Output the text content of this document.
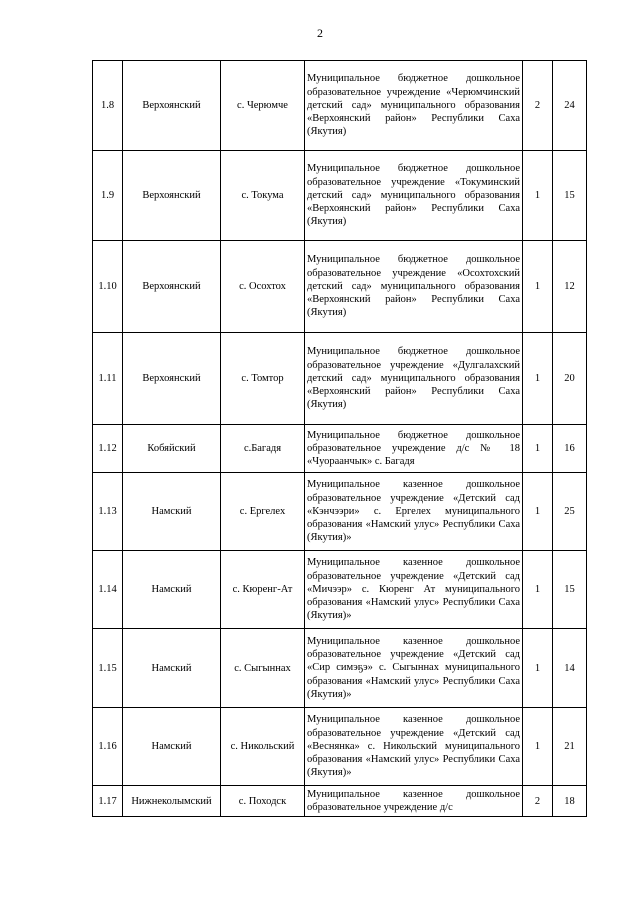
2
1.8	Верхоянский	с. Черюмче	Муниципальное бюджетное дошкольное образовательное учреждение «Черюмчинский детский сад» муниципального образования «Верхоянский район» Республики Саха (Якутия)	2	24
1.9	Верхоянский	с. Токума	Муниципальное бюджетное дошкольное образовательное учреждение «Токуминский детский сад» муниципального образования «Верхоянский район» Республики Саха (Якутия)	1	15
1.10	Верхоянский	с. Осохтох	Муниципальное бюджетное дошкольное образовательное учреждение «Осохтохский детский сад» муниципального образования «Верхоянский район» Республики Саха (Якутия)	1	12
1.11	Верхоянский	с. Томтор	Муниципальное бюджетное дошкольное образовательное учреждение «Дулгалахский детский сад» муниципального образования «Верхоянский район» Республики Саха (Якутия)	1	20
1.12	Кобяйский	с.Багадя	Муниципальное бюджетное дошкольное образовательное учреждение д/с № 18 «Чуораанчык» с. Багадя	1	16
1.13	Намский	с. Ергелех	Муниципальное казенное дошкольное образовательное учреждение «Детский сад «Кэнчээри» с. Ергелех муниципального образования «Намский улус» Республики Саха (Якутия)»	1	25
1.14	Намский	с. Кюренг-Ат	Муниципальное казенное дошкольное образовательное учреждение «Детский сад «Мичээр» с. Кюренг Ат муниципального образования «Намский улус» Республики Саха (Якутия)»	1	15
1.15	Намский	с. Сыгыннах	Муниципальное казенное дошкольное образовательное учреждение «Детский сад «Сир симэҕэ» с. Сыгыннах муниципального образования «Намский улус» Республики Саха (Якутия)»	1	14
1.16	Намский	с. Никольский	Муниципальное казенное дошкольное образовательное учреждение «Детский сад «Веснянка» с. Никольский муниципального образования «Намский улус» Республики Саха (Якутия)»	1	21
1.17	Нижнеколымский	с. Походск	Муниципальное казенное дошкольное образовательное учреждение д/с	2	18
